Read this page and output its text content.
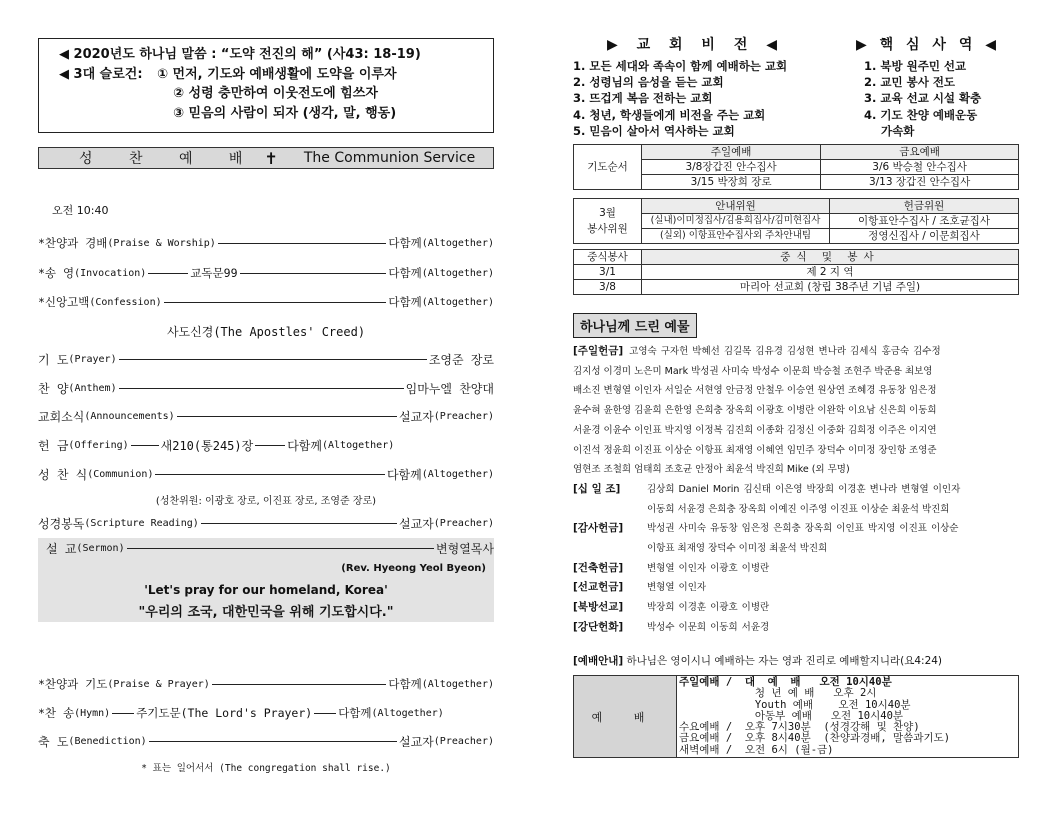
◀ 2020년도 하나님 말씀 : “도약 전진의 해” (사43: 18-19)
◀ 3대 슬로건: ① 먼저, 기도와 예배생활에 도약을 이루자
② 성령 충만하여 이웃전도에 힘쓰자
③ 믿음의 사람이 되자 (생각, 말, 행동)
성 찬 예 배 ✝ The Communion Service
오전 10:40
*찬양과 경배 (Praise & Worship)	다함께 (Altogether)
*송 영 (Invocation)	교독문99	다함께 (Altogether)
*신앙고백 (Confession)	다함께 (Altogether)
사도신경(The Apostles' Creed)
기 도 (Prayer)	조영준 장로
찬 양 (Anthem)	임마누엘 찬양대
교회소식 (Announcements)	설교자 (Preacher)
헌 금 (Offering)	새210(통245)장	다함께 (Altogether)
성 찬 식 (Communion)	다함께 (Altogether)
(성찬위원: 이광호 장로, 이진표 장로, 조영준 장로)
성경봉독 (Scripture Reading)	설교자 (Preacher)
설 교 (Sermon)	변형열목사
(Rev. Hyeong Yeol Byeon)
'Let's pray for our homeland, Korea'
"우리의 조국, 대한민국을 위해 기도합시다."
*찬양과 기도 (Praise & Prayer)	다함께 (Altogether)
*찬 송 (Hymn) 주기도문(The Lord's Prayer) 다함께 (Altogether)
축 도 (Benediction)	설교자 (Preacher)
* 표는 일어서서 (The congregation shall rise.)
▶ 교 회 비 전 ◀	▶ 핵 심 사 역 ◀
1. 모든 세대와 족속이 함께 예배하는 교회
2. 성령님의 음성을 듣는 교회
3. 뜨겁게 복음 전하는 교회
4. 청년, 학생들에게 비전을 주는 교회
5. 믿음이 살아서 역사하는 교회
1. 북방 원주민 선교
2. 교민 봉사 전도
3. 교육 선교 시설 확충
4. 기도 찬양 예배운동
가속화
기도순서	주일예배	금요예배
	3/8장갑진 안수집사	3/6 박승철 안수집사
	3/15 박장희 장로	3/13 장갑진 안수집사
3월
봉사위원	안내위원	헌금위원
	(실내)이미정집사/김용희집사/김미현집사	이항표안수집사 / 조호균집사
	(실외) 이항표안수집사외 주차안내팀	정영신집사 / 이문희집사
중식봉사	중식 및 봉사
3/1	제 2 지 역
3/8	마리아 선교회 (창립 38주년 기념 주일)
하나님께 드린 예물
[주일헌금] 고영숙 구자헌 박혜선 김길목 김유경 김성현 변나라 김세식 홍금숙 김수정
김지성 이경미 노은미 Mark 박성권 사미숙 박성수 이문희 박승철 조현주 박준용 최보영
배소진 변형열 이인자 서일순 서현영 안금정 안철우 이승연 원상연 조혜경 유동창 임은정
윤수혀 윤한영 김윤희 은한영 은희충 장옥희 이광호 이병란 이완학 이요남 신은희 이동희
서윤경 이윤수 이인표 박지영 이정복 김진희 이종화 김정신 이중화 김희정 이주은 이지연
이진석 정윤희 이진표 이상순 이항표 최재영 이혜연 임민주 장덕수 이미정 장인항 조영준
염현조 조철희 엄태희 조호균 안정아 최윤석 박진희 Mike (외 무명)
[십 일 조]	김상희 Daniel Morin 김신태 이은영 박장희 이경훈 변나라 변형열 이인자
이동희 서윤경 은희충 장옥희 이예진 이주영 이진표 이상순 최윤석 박진희
[감사헌금]	박성권 사미숙 유동창 임은정 은희충 장옥희 이인표 박지영 이진표 이상순
이항표 최재영 장덕수 이미정 최윤석 박진희
[건축헌금]	변형열 이인자 이광호 이병란
[선교헌금]	변형열 이인자
[북방선교]	박장희 이경훈 이광호 이병란
[강단헌화]	박성수 이문희 이동희 서윤경
[예배안내] 하나님은 영이시니 예배하는 자는 영과 진리로 예배할지니라(요4:24)
예 배	
주일예배 /  대  예  배   오전 10시40분
청 년 예 배   오후 2시
Youth 예배    오전 10시40분
아동부 예배   오전 10시40분
수요예배 /  오후 7시30분  (성경강해 및 찬양)
금요예배 /  오후 8시40분  (찬양과경배, 말씀과기도)
새벽예배 /  오전 6시 (월-금)
